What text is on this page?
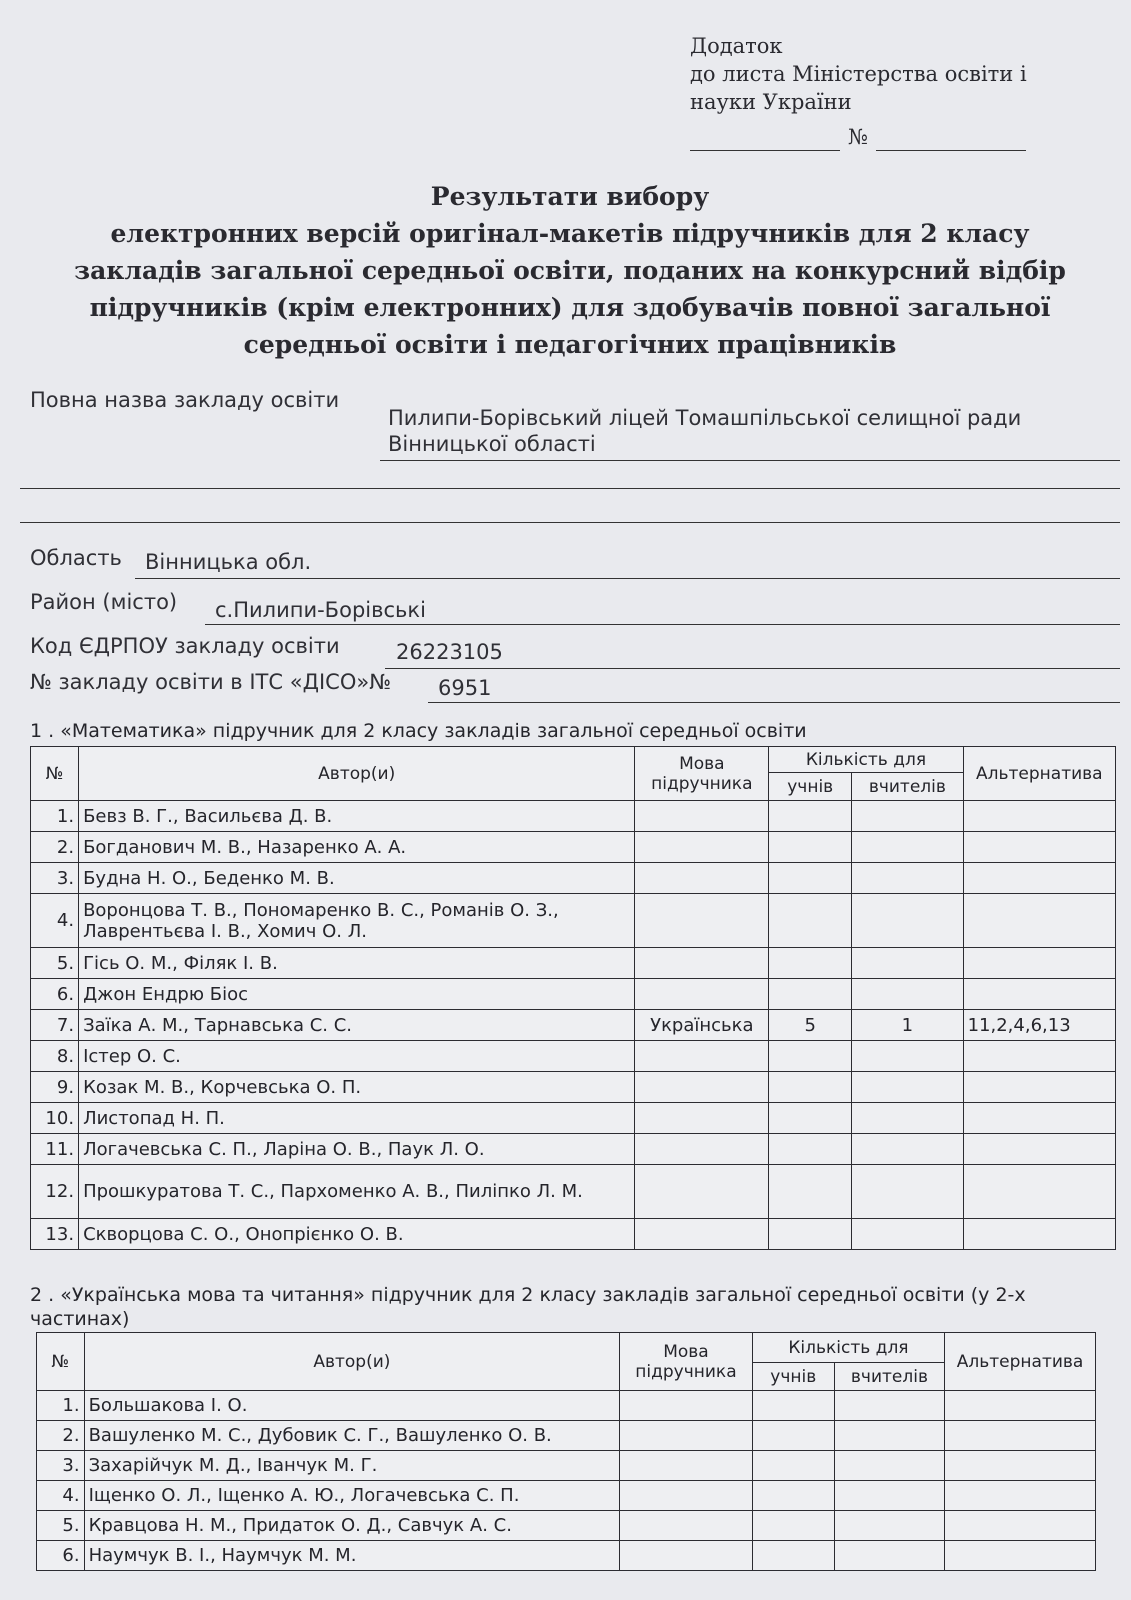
Додаток
до листа Міністерства освіти і
науки України
№
Результати вибору
електронних версій оригінал-макетів підручників для 2 класу
закладів загальної середньої освіти, поданих на конкурсний відбір
підручників (крім електронних) для здобувачів повної загальної
середньої освіти і педагогічних працівників
Повна назва закладу освіти
Пилипи-Борівський ліцей Томашпільської селищної ради
Вінницької області
Область Вінницька обл.
Район (місто) с.Пилипи-Борівські
Код ЄДРПОУ закладу освіти	26223105
№ закладу освіти в ІТС «ДІСО»№ 6951
1 . «Математика» підручник для 2 класу закладів загальної середньої освіти
№	Автор(и)	Мова підручника	Кількість для		Альтернатива
			учнів	вчителів	
1.	Бевз В. Г., Васильєва Д. В.				
2.	Богданович М. В., Назаренко А. А.				
3.	Будна Н. О., Беденко М. В.				
4.	Воронцова Т. В., Пономаренко В. С., Романів О. З., Лаврентьєва І. В., Хомич О. Л.				
5.	Гісь О. М., Філяк І. В.				
6.	Джон Ендрю Біос				
7.	Заїка А. М., Тарнавська С. С.	Українська	5	1	11,2,4,6,13
8.	Істер О. С.				
9.	Козак М. В., Корчевська О. П.				
10.	Листопад Н. П.				
11.	Логачевська С. П., Ларіна О. В., Паук Л. О.				
12.	Прошкуратова Т. С., Пархоменко А. В., Пиліпко Л. М.				
13.	Скворцова С. О., Онопрієнко О. В.				
2 . «Українська мова та читання» підручник для 2 класу закладів загальної середньої освіти (у 2-х
частинах)
№	Автор(и)	Мова підручника	Кількість для		Альтернатива
			учнів	вчителів	
1.	Большакова І. О.				
2.	Вашуленко М. С., Дубовик С. Г., Вашуленко О. В.				
3.	Захарійчук М. Д., Іванчук М. Г.				
4.	Іщенко О. Л., Іщенко А. Ю., Логачевська С. П.				
5.	Кравцова Н. М., Придаток О. Д., Савчук А. С.				
6.	Наумчук В. І., Наумчук М. М.				
